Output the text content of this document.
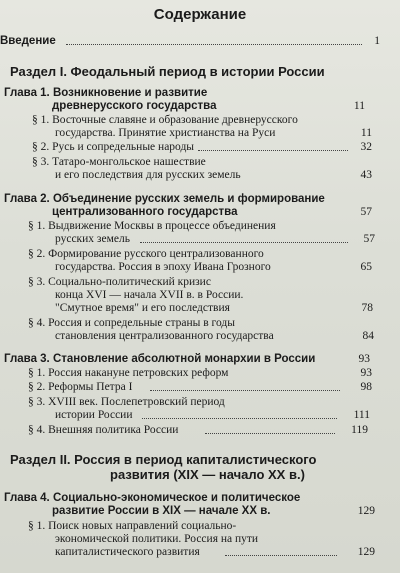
Содержание
Введение	1
Раздел I. Феодальный период в истории России
Глава 1. Возникновение и развитие
древнерусского государства	11
§ 1. Восточные славяне и образование древнерусского
государства. Принятие христианства на Руси	11
§ 2. Русь и сопредельные народы	32
§ 3. Татаро-монгольское нашествие
и его последствия для русских земель	43
Глава 2. Объединение русских земель и формирование
централизованного государства	57
§ 1. Выдвижение Москвы в процессе объединения
русских земель	57
§ 2. Формирование русского централизованного
государства. Россия в эпоху Ивана Грозного	65
§ 3. Социально-политический кризис
конца XVI — начала XVII в. в России.
"Смутное время" и его последствия	78
§ 4. Россия и сопредельные страны в годы
становления централизованного государства	84
Глава 3. Становление абсолютной монархии в России	93
§ 1. Россия накануне петровских реформ	93
§ 2. Реформы Петра I	98
§ 3. XVIII век. Послепетровский период
истории России	111
§ 4. Внешняя политика России	119
Раздел II. Россия в период капиталистического
развития (XIX — начало XX в.)
Глава 4. Социально-экономическое и политическое
развитие России в XIX — начале XX в.	129
§ 1. Поиск новых направлений социально-
экономической политики. Россия на пути
капиталистического развития	129
